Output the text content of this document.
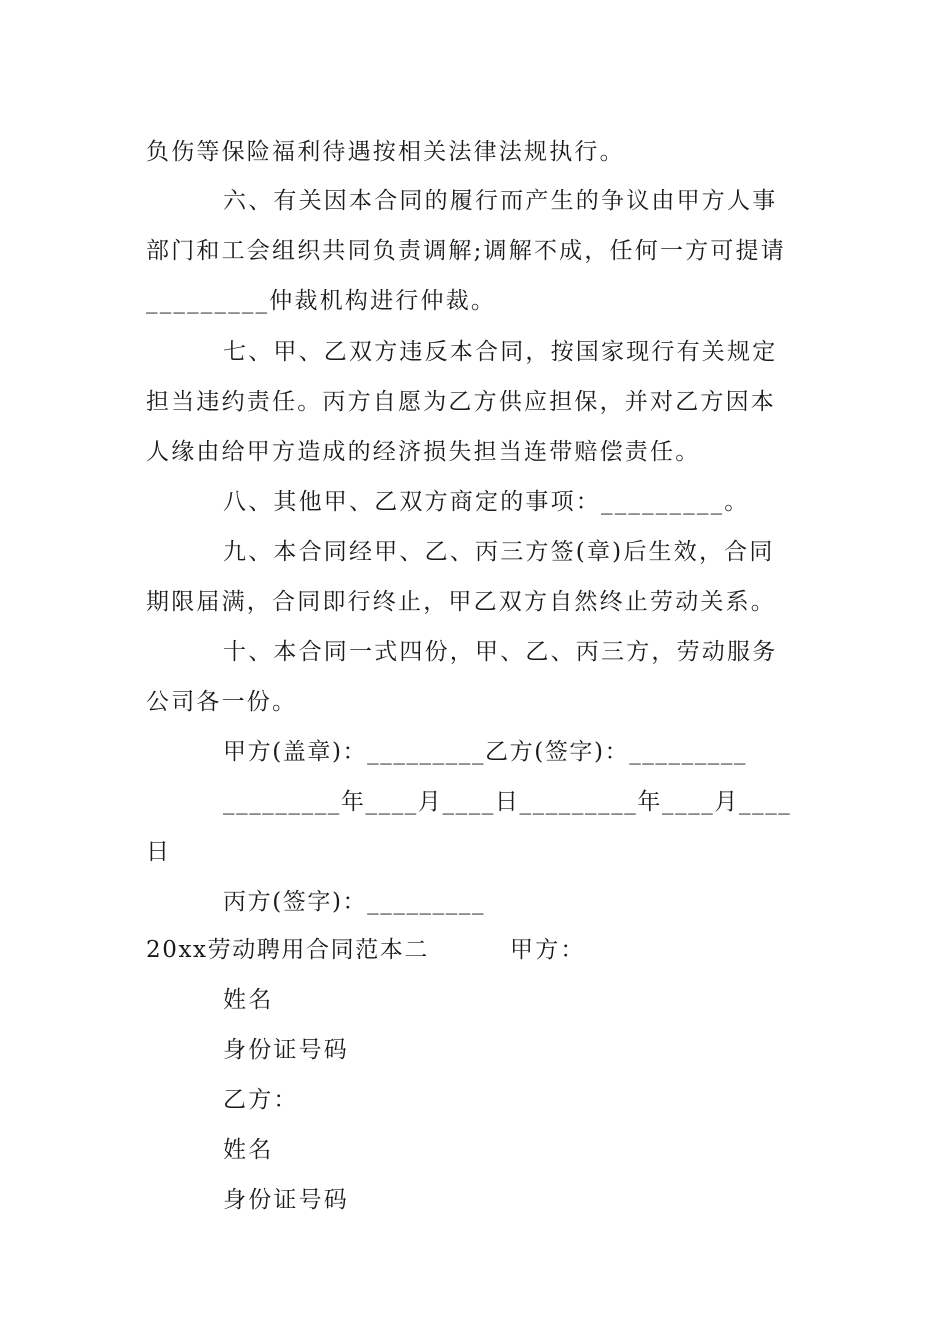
负伤等保险福利待遇按相关法律法规执行。
六、有关因本合同的履行而产生的争议由甲方人事
部门和工会组织共同负责调解;调解不成，任何一方可提请
_________仲裁机构进行仲裁。
七、甲、乙双方违反本合同，按国家现行有关规定
担当违约责任。丙方自愿为乙方供应担保，并对乙方因本
人缘由给甲方造成的经济损失担当连带赔偿责任。
八、其他甲、乙双方商定的事项：_________。
九、本合同经甲、乙、丙三方签(章)后生效，合同
期限届满，合同即行终止，甲乙双方自然终止劳动关系。
十、本合同一式四份，甲、乙、丙三方，劳动服务
公司各一份。
甲方(盖章)：_________乙方(签字)：_________
_________年____月____日_________年____月____
日
丙方(签字)：_________
20xx劳动聘用合同范本二	甲方：
姓名
身份证号码
乙方：
姓名
身份证号码
